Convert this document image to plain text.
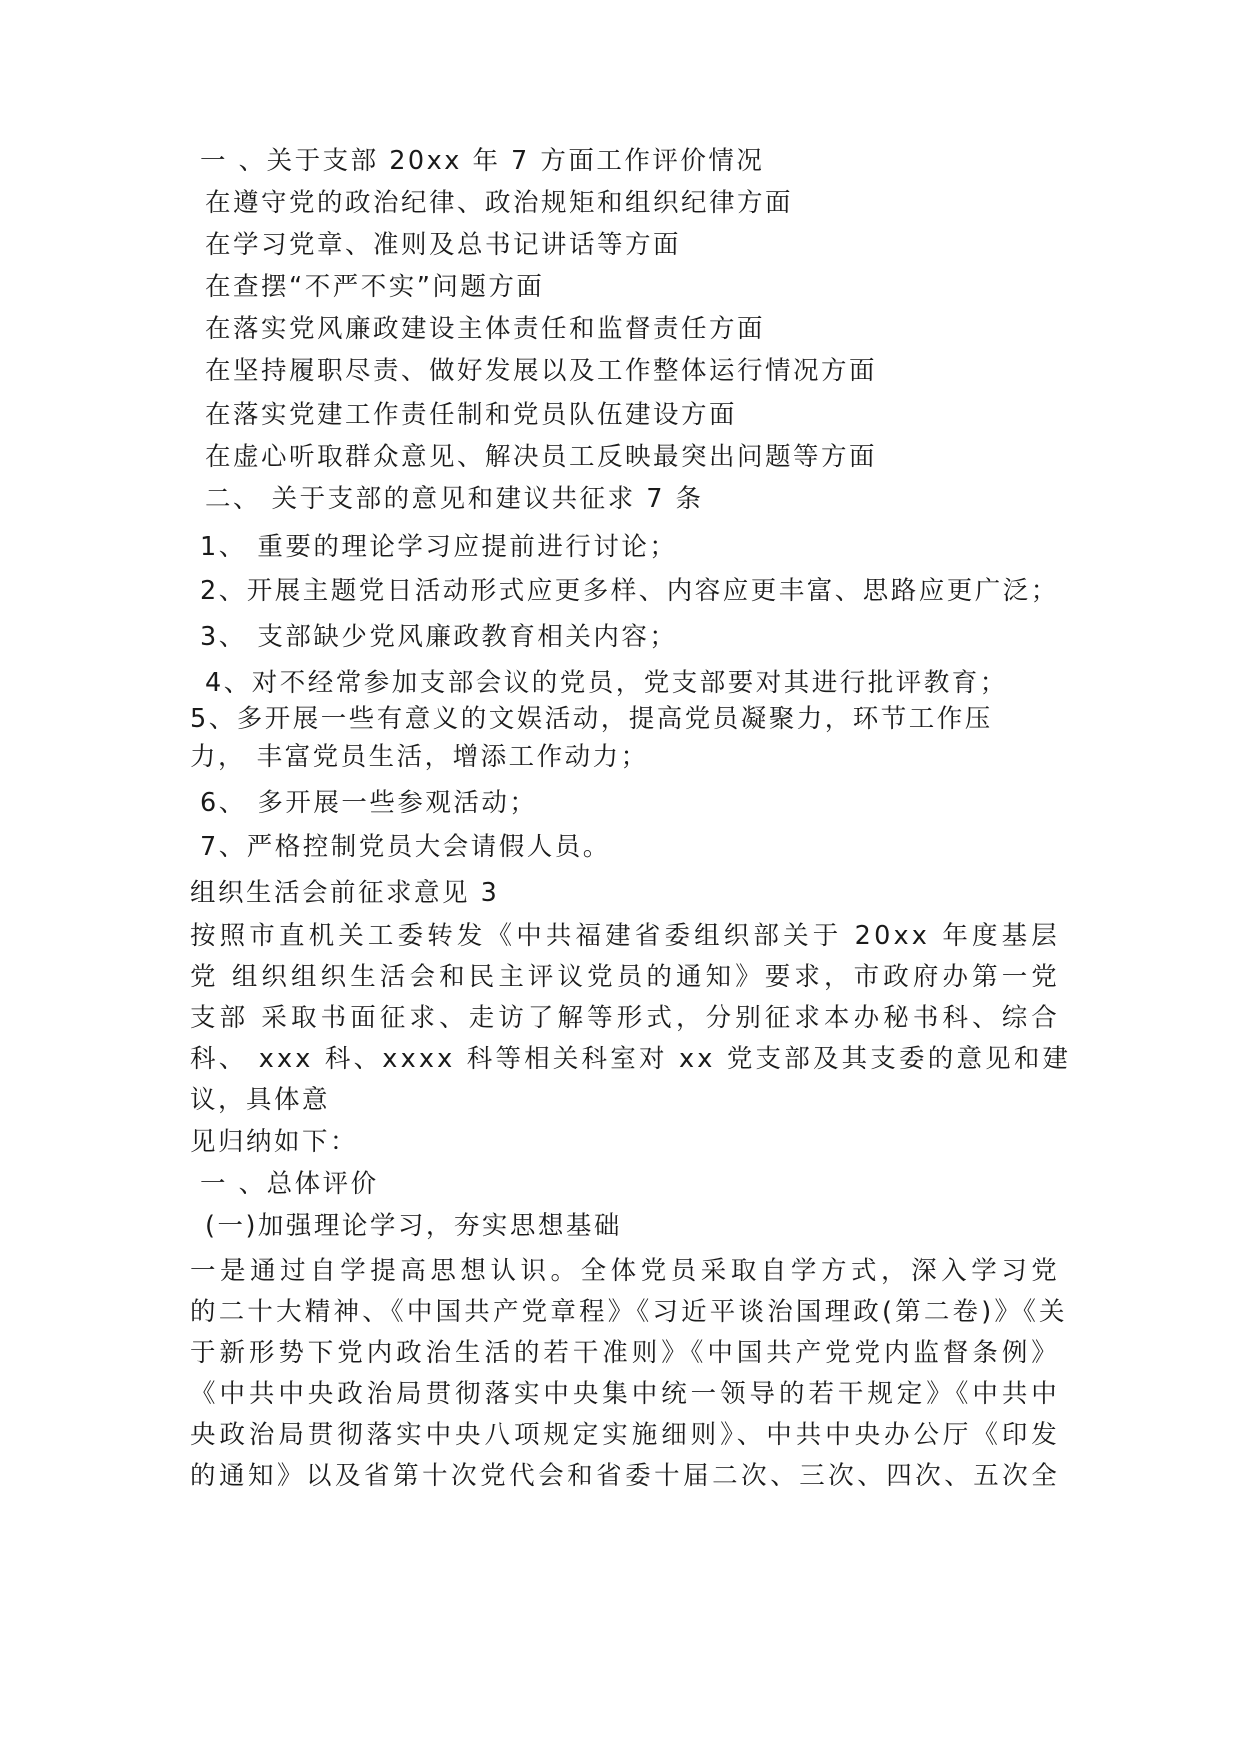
一 、关于支部 20xx 年 7 方面工作评价情况
在遵守党的政治纪律、政治规矩和组织纪律方面
在学习党章、准则及总书记讲话等方面
在查摆“不严不实”问题方面
在落实党风廉政建设主体责任和监督责任方面
在坚持履职尽责、做好发展以及工作整体运行情况方面
在落实党建工作责任制和党员队伍建设方面
在虚心听取群众意见、解决员工反映最突出问题等方面
二、 关于支部的意见和建议共征求 7 条
1、 重要的理论学习应提前进行讨论；
2、开展主题党日活动形式应更多样、内容应更丰富、思路应更广泛；
3、 支部缺少党风廉政教育相关内容；
4、对不经常参加支部会议的党员，党支部要对其进行批评教育；
5、多开展一些有意义的文娱活动，提高党员凝聚力，环节工作压
力， 丰富党员生活，增添工作动力；
6、 多开展一些参观活动；
7、严格控制党员大会请假人员。
组织生活会前征求意见 3
按照市直机关工委转发《中共福建省委组织部关于 20xx 年度基层
党 组织组织生活会和民主评议党员的通知》要求，市政府办第一党
支部 采取书面征求、走访了解等形式，分别征求本办秘书科、综合
科、 xxx 科、xxxx 科等相关科室对 xx 党支部及其支委的意见和建
议，具体意
见归纳如下：
一 、总体评价
(一)加强理论学习，夯实思想基础
一是通过自学提高思想认识。全体党员采取自学方式，深入学习党
的二十大精神、《中国共产党章程》《习近平谈治国理政(第二卷)》《关
于新形势下党内政治生活的若干准则》《中国共产党党内监督条例》
《中共中央政治局贯彻落实中央集中统一领导的若干规定》《中共中
央政治局贯彻落实中央八项规定实施细则》、中共中央办公厅《印发
的通知》以及省第十次党代会和省委十届二次、三次、四次、五次全
